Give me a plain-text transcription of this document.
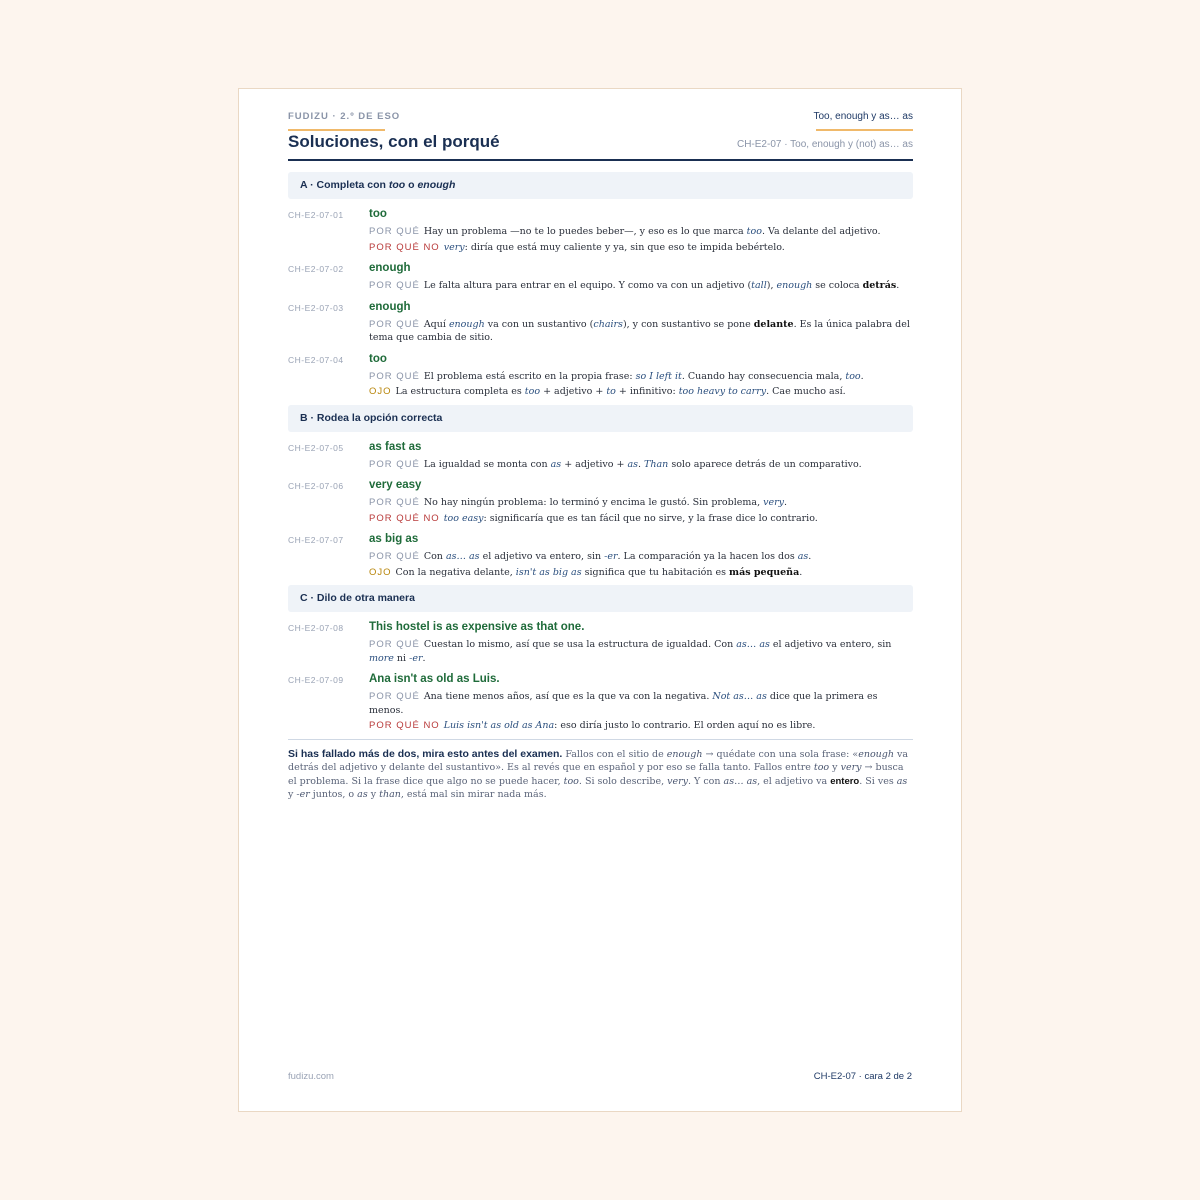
FUDIZU · 2.º DE ESO	Too, enough y as… as
Soluciones, con el porqué	CH-E2-07 · Too, enough y (not) as… as
A · Completa con too o enough
CH-E2-07-01 too
POR QUÉ Hay un problema —no te lo puedes beber—, y eso es lo que marca too. Va delante del adjetivo.
POR QUÉ NO very: diría que está muy caliente y ya, sin que eso te impida bebértelo.
CH-E2-07-02 enough
POR QUÉ Le falta altura para entrar en el equipo. Y como va con un adjetivo (tall), enough se coloca detrás.
CH-E2-07-03 enough
POR QUÉ Aquí enough va con un sustantivo (chairs), y con sustantivo se pone delante. Es la única palabra del tema que cambia de sitio.
CH-E2-07-04 too
POR QUÉ El problema está escrito en la propia frase: so I left it. Cuando hay consecuencia mala, too.
OJO La estructura completa es too + adjetivo + to + infinitivo: too heavy to carry. Cae mucho así.
B · Rodea la opción correcta
CH-E2-07-05 as fast as
POR QUÉ La igualdad se monta con as + adjetivo + as. Than solo aparece detrás de un comparativo.
CH-E2-07-06 very easy
POR QUÉ No hay ningún problema: lo terminó y encima le gustó. Sin problema, very.
POR QUÉ NO too easy: significaría que es tan fácil que no sirve, y la frase dice lo contrario.
CH-E2-07-07 as big as
POR QUÉ Con as… as el adjetivo va entero, sin -er. La comparación ya la hacen los dos as.
OJO Con la negativa delante, isn't as big as significa que tu habitación es más pequeña.
C · Dilo de otra manera
CH-E2-07-08 This hostel is as expensive as that one.
POR QUÉ Cuestan lo mismo, así que se usa la estructura de igualdad. Con as… as el adjetivo va entero, sin more ni -er.
CH-E2-07-09 Ana isn't as old as Luis.
POR QUÉ Ana tiene menos años, así que es la que va con la negativa. Not as… as dice que la primera es menos.
POR QUÉ NO Luis isn't as old as Ana: eso diría justo lo contrario. El orden aquí no es libre.
Si has fallado más de dos, mira esto antes del examen. Fallos con el sitio de enough → quédate con una sola frase: «enough va detrás del adjetivo y delante del sustantivo». Es al revés que en español y por eso se falla tanto. Fallos entre too y very → busca el problema. Si la frase dice que algo no se puede hacer, too. Si solo describe, very. Y con as… as, el adjetivo va entero. Si ves as y -er juntos, o as y than, está mal sin mirar nada más.
fudizu.com	CH-E2-07 · cara 2 de 2
